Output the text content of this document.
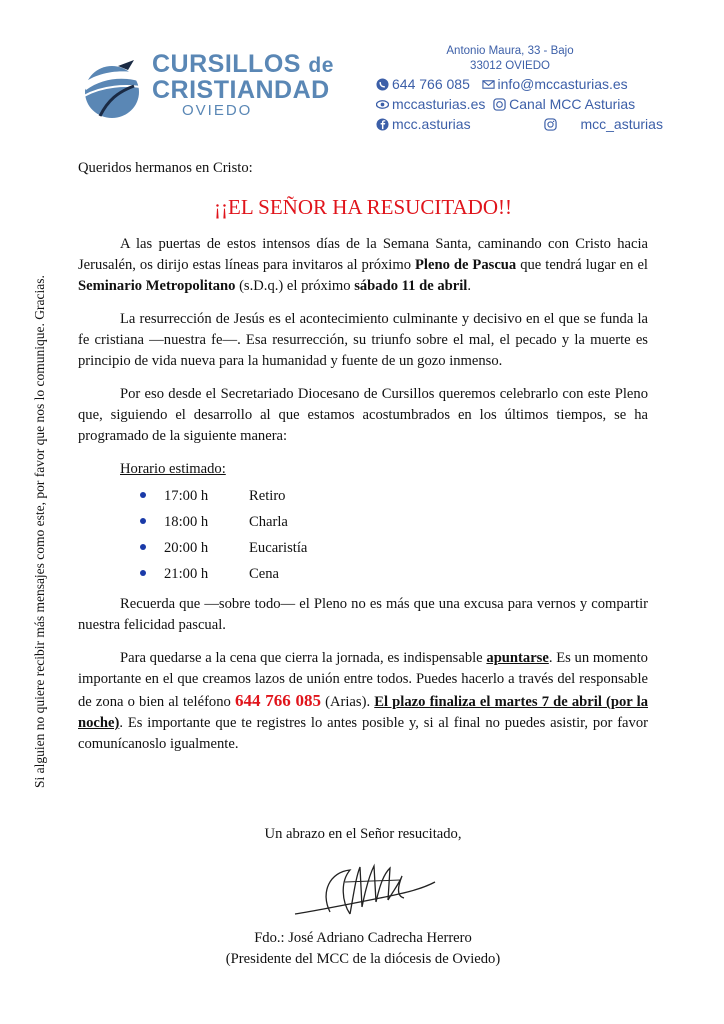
CURSILLOS de
CRISTIANDAD
OVIEDO
Antonio Maura, 33 - Bajo
33012 OVIEDO
644 766 085 info@mccasturias.es
mccasturias.es Canal MCC Asturias
mcc.asturias	mcc_asturias
Si alguien no quiere recibir más mensajes como este, por favor que nos lo comunique. Gracias.

Queridos hermanos en Cristo:

¡¡EL SEÑOR HA RESUCITADO!!

A las puertas de estos intensos días de la Semana Santa, caminando con Cristo hacia Jerusalén, os dirijo estas líneas para invitaros al próximo Pleno de Pascua que tendrá lugar en el Seminario Metropolitano (s.D.q.) el próximo sábado 11 de abril.

La resurrección de Jesús es el acontecimiento culminante y decisivo en el que se funda la fe cristiana —nuestra fe—. Esa resurrección, su triunfo sobre el mal, el pecado y la muerte es principio de vida nueva para la humanidad y fuente de un gozo inmenso.

Por eso desde el Secretariado Diocesano de Cursillos queremos celebrarlo con este Pleno que, siguiendo el desarrollo al que estamos acostumbrados en los últimos tiempos, se ha programado de la siguiente manera:

Horario estimado:

17:00 h	Retiro
18:00 h	Charla
20:00 h	Eucaristía
21:00 h	Cena

Recuerda que —sobre todo— el Pleno no es más que una excusa para vernos y compartir nuestra felicidad pascual.

Para quedarse a la cena que cierra la jornada, es indispensable apuntarse. Es un momento importante en el que creamos lazos de unión entre todos. Puedes hacerlo a través del responsable de zona o bien al teléfono 644 766 085 (Arias). El plazo finaliza el martes 7 de abril (por la noche). Es importante que te registres lo antes posible y, si al final no puedes asistir, por favor comunícanoslo igualmente.

Un abrazo en el Señor resucitado,
Fdo.: José Adriano Cadrecha Herrero
(Presidente del MCC de la diócesis de Oviedo)
